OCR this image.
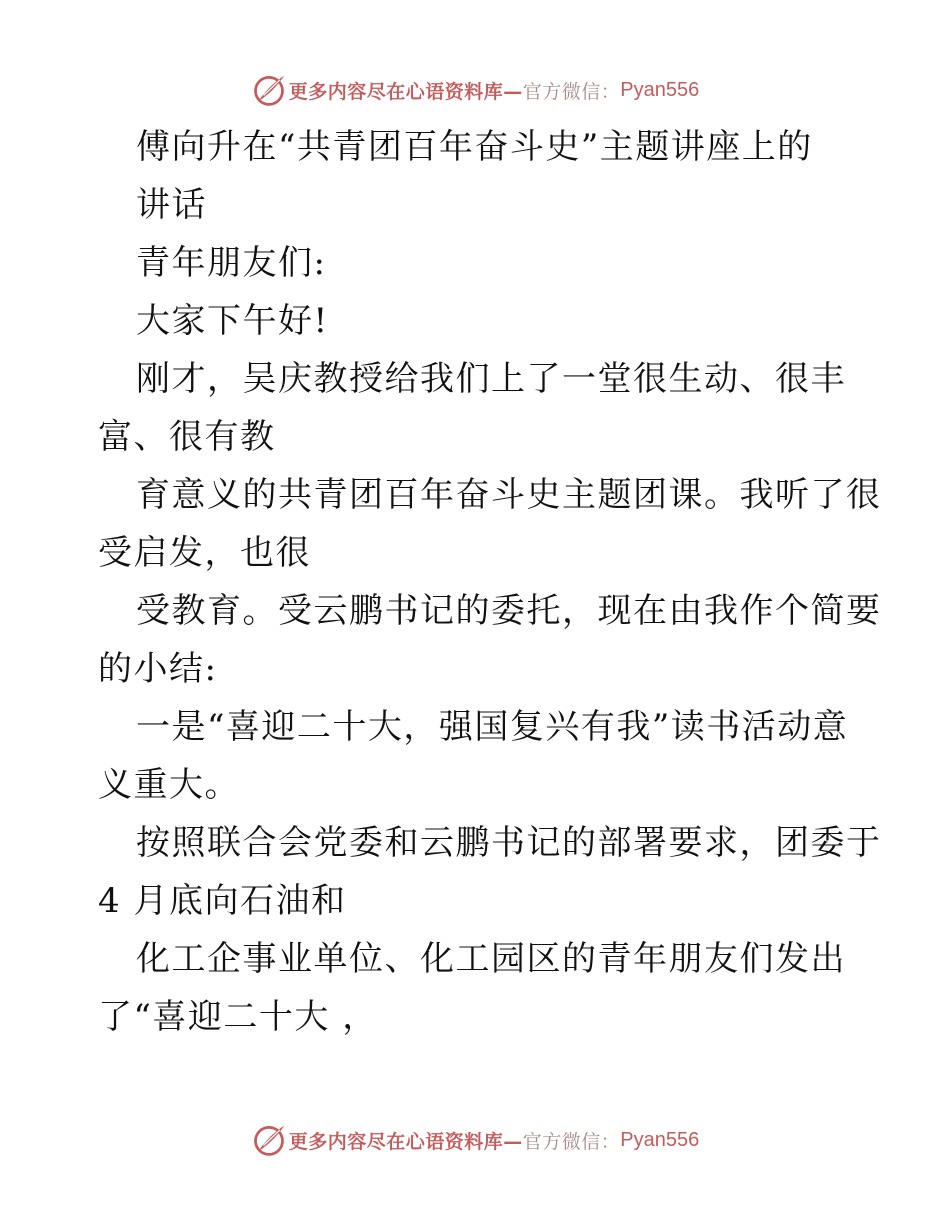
更多内容尽在心语资料库— 官方微信： Pyan556

傅向升在“共青团百年奋斗史”主题讲座上的

讲话

青年朋友们:

大家下午好!

刚才，吴庆教授给我们上了一堂很生动、很丰

富、很有教

育意义的共青团百年奋斗史主题团课。我听了很

受启发，也很

受教育。受云鹏书记的委托，现在由我作个简要

的小结:

一是“喜迎二十大，强国复兴有我”读书活动意

义重大。

按照联合会党委和云鹏书记的部署要求，团委于

4 月底向石油和

化工企事业单位、化工园区的青年朋友们发出

了“喜迎二十大 ，

更多内容尽在心语资料库— 官方微信： Pyan556
